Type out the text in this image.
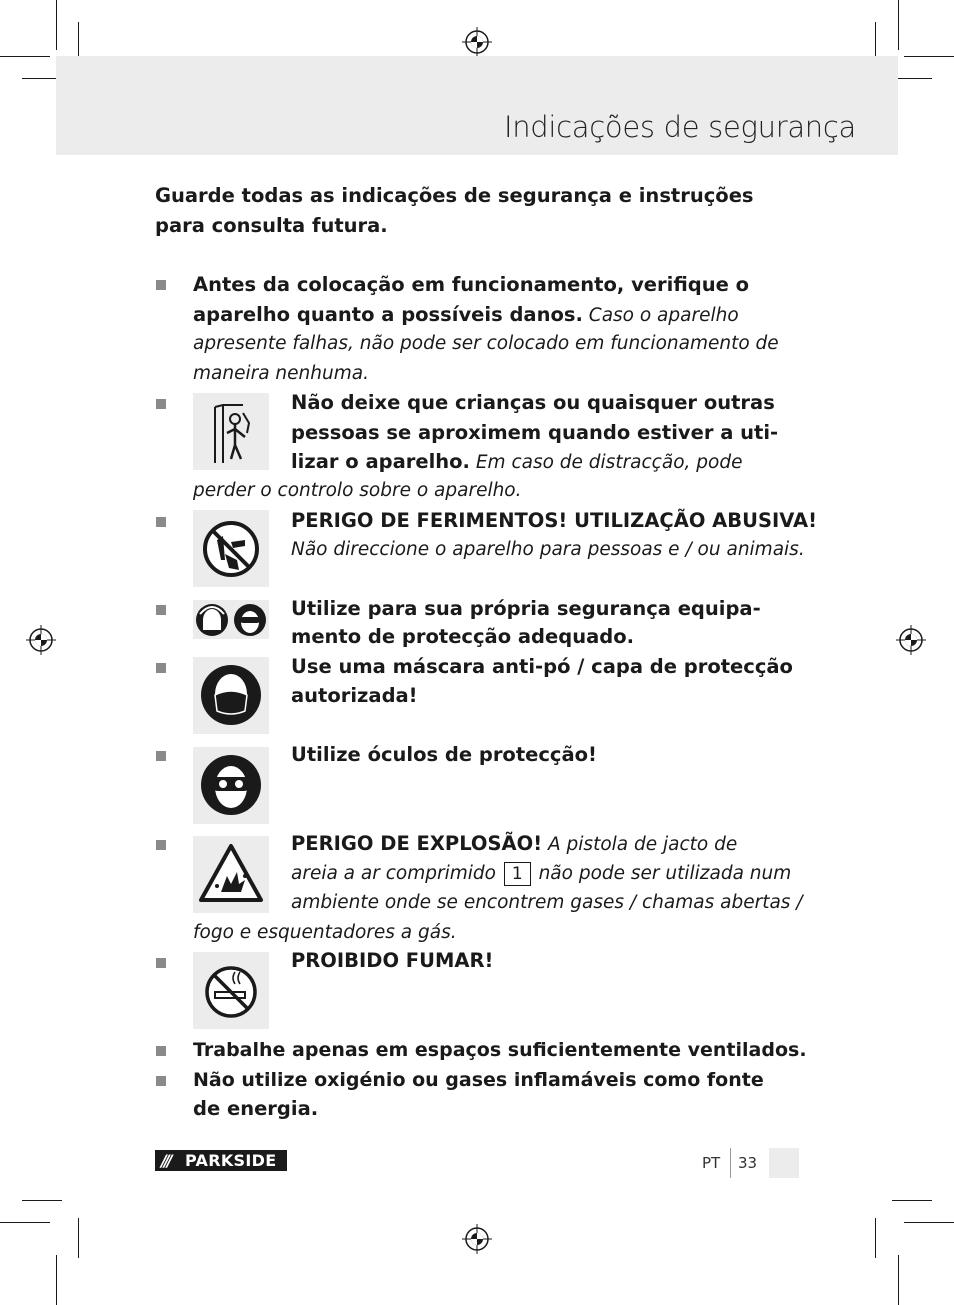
Indicações de segurança
Guarde todas as indicações de segurança e instruções para consulta futura.
Antes da colocação em funcionamento, verifique o
aparelho quanto a possíveis danos. Caso o aparelho
apresente falhas, não pode ser colocado em funcionamento de
maneira nenhuma.
Não deixe que crianças ou quaisquer outras
pessoas se aproximem quando estiver a uti-
lizar o aparelho. Em caso de distracção, pode
perder o controlo sobre o aparelho.
PERIGO DE FERIMENTOS! UTILIZAÇÃO ABUSIVA!
Não direccione o aparelho para pessoas e / ou animais.
Utilize para sua própria segurança equipa-
mento de protecção adequado.
Use uma máscara anti-pó / capa de protecção
autorizada!
Utilize óculos de protecção!
PERIGO DE EXPLOSÃO! A pistola de jacto de
areia a ar comprimido 1 não pode ser utilizada num
ambiente onde se encontrem gases / chamas abertas /
fogo e esquentadores a gás.
PROIBIDO FUMAR!
Trabalhe apenas em espaços suficientemente ventilados.
Não utilize oxigénio ou gases inflamáveis como fonte
de energia.
/// PARKSIDE	PT 33
